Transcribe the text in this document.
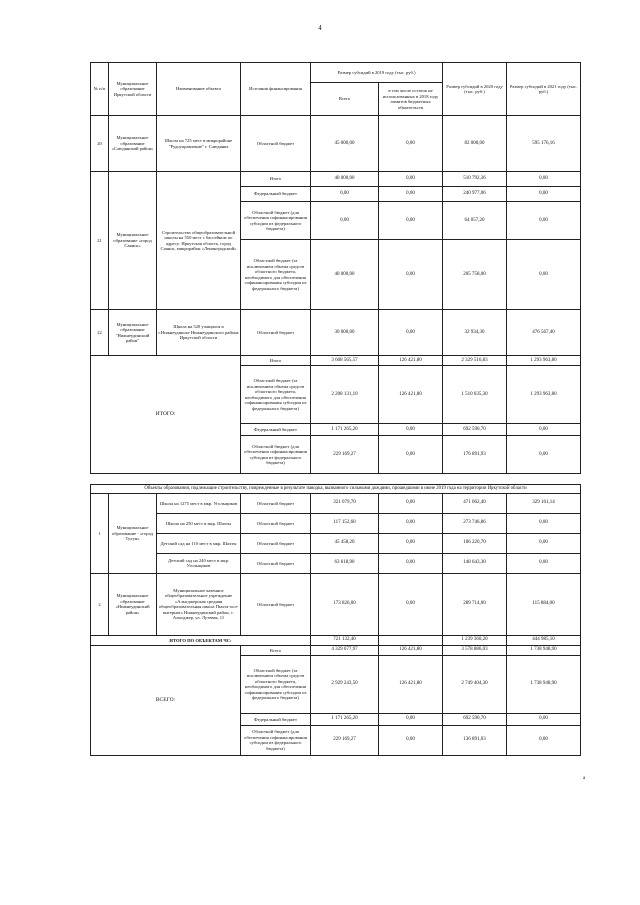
4
№ п/п	Муниципальное образование Иркутской области	Наименование объекта	Источник финансирования	Размер субсидий в 2019 году (тыс. руб.)		Размер субсидий в 2020 году (тыс. руб.)	Размер субсидий в 2021 году (тыс. руб.)
				Всего	в том числе остаток не использованных в 2018 году лимитов бюджетных обязательств		
20	Муниципальное образование «Слюдянский район»	Школа на 725 мест в микрорайоне "Рудоуправление" г. Слюдянка	Областной бюджет	45 000,00	0,00	82 000,00	595 176,16
21	Муниципальное образование «город Саянск»	Строительство общеобразовательной школы на 550 мест с бассейном по адресу: Иркутская область, город Саянск, микрорайон «Ленинградский»	Итого	40 000,00	0,00	510 792,36	0,00
			Федеральный бюджет	0,00	0,00	240 977,06	0,00
			Областной бюджет (для обеспечения софинансирования субсидии из федерального бюджета)	0,00	0,00	64 057,20	0,00
			Областной бюджет (за исключением объема средств областного бюджета, необходимого для обеспечения софинансирования субсидии из федерального бюджета)	40 000,00	0,00	205 758,00	0,00
22	Муниципальное образование "Нижнеудинский район"	Школа на 520 учащихся в г.Нижнеудинске Нижнеудинского района Иркутской области	Областной бюджет	30 000,00	0,00	32 934,30	476 567,40
ИТОГО:			Итого	3 608 565,57	126 421,80	2 329 516,83	1 293 963,80
			Областной бюджет (за исключением объема средств областного бюджета, необходимого для обеспечения софинансирования субсидии из федерального бюджета)	2 208 131,10	126 421,80	1 510 035,30	1 293 963,80
			Федеральный бюджет	1 171 265,20	0,00	692 590,70	0,00
			Областной бюджет (для обеспечения софинансирования субсидии из федерального бюджета)	229 169,27	0,00	176 891,93	0,00

Объекты образования, подлежащие строительству, поврежденные в результате паводка, вызванного сильными дождями, прошедшими в июне 2019 года на территории Иркутской области							
1	Муниципальное образование - «город Тулун»	Школа на 1275 мест в мкр. Угольщиков	Областной бюджет	321 079,70	0,00	471 062,40	329 161,14
		Школа на 250 мест в мкр. Шахты	Областной бюджет	117 152,60	0,00	273 746,86	0,00
		Детский сад на 110 мест в мкр. Шахты	Областной бюджет	45 458,20	0,00	106 220,70	0,00
		Детский сад на 240 мест в мкр. Угольщиков	Областной бюджет	63 618,90	0,00	148 643,30	0,00
2	Муниципальное образование «Нижнеудинский район»	Муниципальное казенное общеобразовательное учреждение «Алыгджерская средняя общеобразовательная школа Пыхта-оол-интернат» Нижнеудинский район, с. Алыгджер, ул. Лутевая, 11	Областной бюджет	173 826,00	0,00	289 714,00	115 884,00
ИТОГО ПО ОБЪЕКТАМ ЧС:				721 132,40		1 239 360,20	444 985,10
ВСЕГО:			Всего	4 329 677,97	126 421,80	3 578 886,03	1 738 948,90
			Областной бюджет (за исключением объема средств областного бюджета, необходимого для обеспечения софинансирования субсидии из федерального бюджета)	2 929 243,50	126 421,80	2 749 404,30	1 738 948,90
			Федеральный бюджет	1 171 265,20	0,00	692 590,70	0,00
			Областной бюджет (для обеспечения софинансирования субсидии из федерального бюджета)	229 169,27	0,00	136 891,03	0,00
a
